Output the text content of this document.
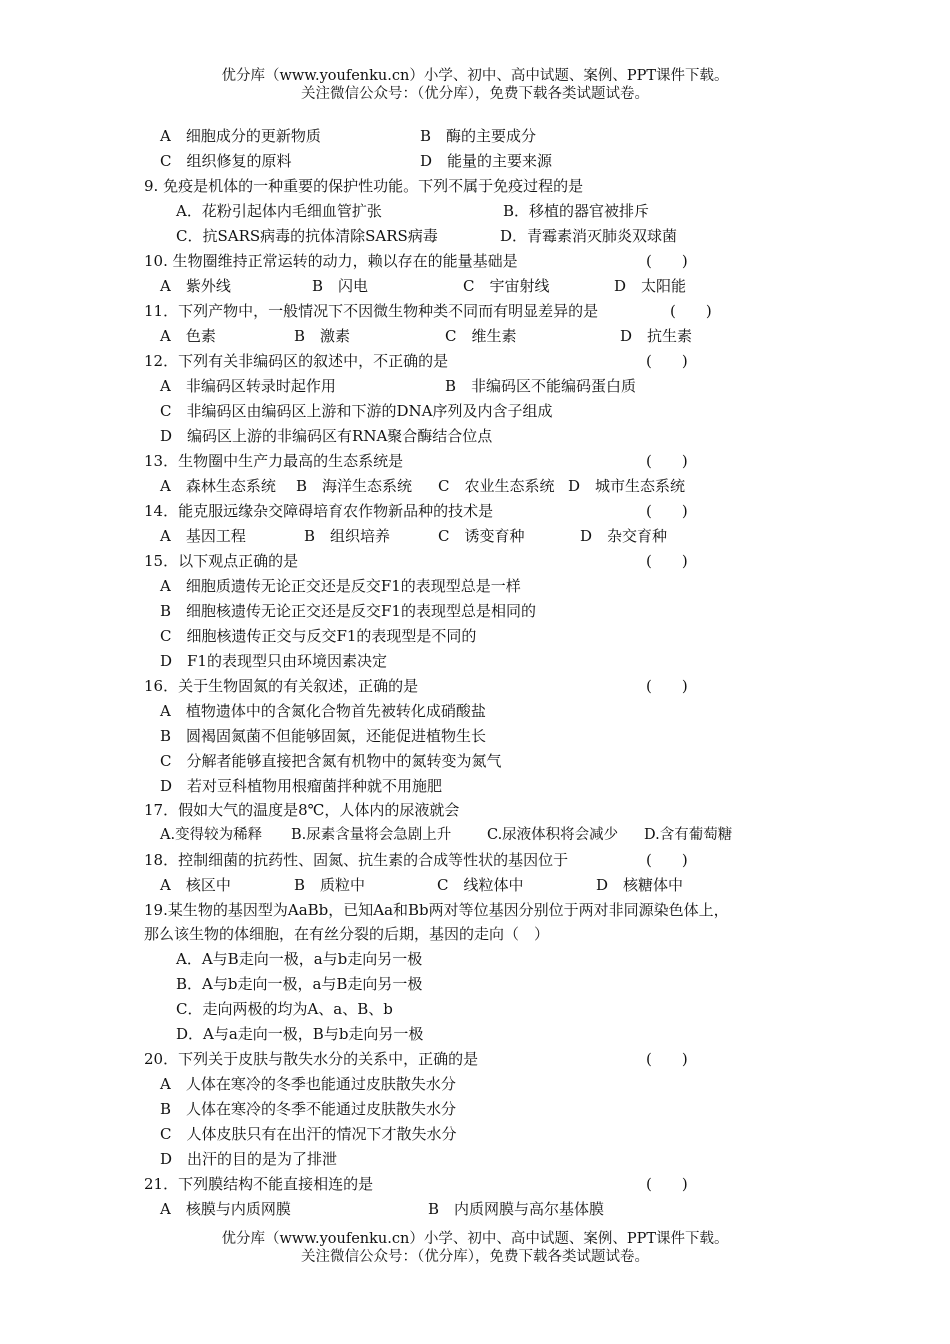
优分库（www.youfenku.cn）小学、初中、高中试题、案例、PPT课件下载。
关注微信公众号：（优分库），免费下载各类试题试卷。
A　细胞成分的更新物质	B　酶的主要成分
C　组织修复的原料	D　能量的主要来源
9. 免疫是机体的一种重要的保护性功能。下列不属于免疫过程的是
A．花粉引起体内毛细血管扩张	B．移植的器官被排斥
C．抗SARS病毒的抗体清除SARS病毒	D．青霉素消灭肺炎双球菌
10. 生物圈维持正常运转的动力，赖以存在的能量基础是	(　　)
A　紫外线	B　闪电	C　宇宙射线	D　太阳能
11．下列产物中，一般情况下不因微生物种类不同而有明显差异的是	(　　)
A　色素	B　激素	C　维生素	D　抗生素
12．下列有关非编码区的叙述中，不正确的是	(　　)
A　非编码区转录时起作用	B　非编码区不能编码蛋白质
C　非编码区由编码区上游和下游的DNA序列及内含子组成
D　编码区上游的非编码区有RNA聚合酶结合位点
13．生物圈中生产力最高的生态系统是	(　　)
A　森林生态系统 B　海洋生态系统 C　农业生态系统 D　城市生态系统
14．能克服远缘杂交障碍培育农作物新品种的技术是	(　　)
A　基因工程	B　组织培养	C　诱变育种	D　杂交育种
15．以下观点正确的是	(　　)
A　细胞质遗传无论正交还是反交F1的表现型总是一样
B　细胞核遗传无论正交还是反交F1的表现型总是相同的
C　细胞核遗传正交与反交F1的表现型是不同的
D　F1的表现型只由环境因素决定
16．关于生物固氮的有关叙述，正确的是	(　　)
A　植物遗体中的含氮化合物首先被转化成硝酸盐
B　圆褐固氮菌不但能够固氮，还能促进植物生长
C　分解者能够直接把含氮有机物中的氮转变为氮气
D　若对豆科植物用根瘤菌拌种就不用施肥
17．假如大气的温度是8℃，人体内的尿液就会
A.变得较为稀释 B.尿素含量将会急剧上升 C.尿液体积将会减少 D.含有葡萄糖
18．控制细菌的抗药性、固氮、抗生素的合成等性状的基因位于	(　　)
A　核区中	B　质粒中	C　线粒体中	D　核糖体中
19.某生物的基因型为AaBb，已知Aa和Bb两对等位基因分别位于两对非同源染色体上，
那么该生物的体细胞，在有丝分裂的后期，基因的走向（　）
A．A与B走向一极，a与b走向另一极
B．A与b走向一极，a与B走向另一极
C．走向两极的均为A、a、B、b
D．A与a走向一极，B与b走向另一极
20．下列关于皮肤与散失水分的关系中，正确的是	(　　)
A　人体在寒冷的冬季也能通过皮肤散失水分
B　人体在寒冷的冬季不能通过皮肤散失水分
C　人体皮肤只有在出汗的情况下才散失水分
D　出汗的目的是为了排泄
21．下列膜结构不能直接相连的是	(　　)
A　核膜与内质网膜	B　内质网膜与高尔基体膜
优分库（www.youfenku.cn）小学、初中、高中试题、案例、PPT课件下载。
关注微信公众号：（优分库），免费下载各类试题试卷。
